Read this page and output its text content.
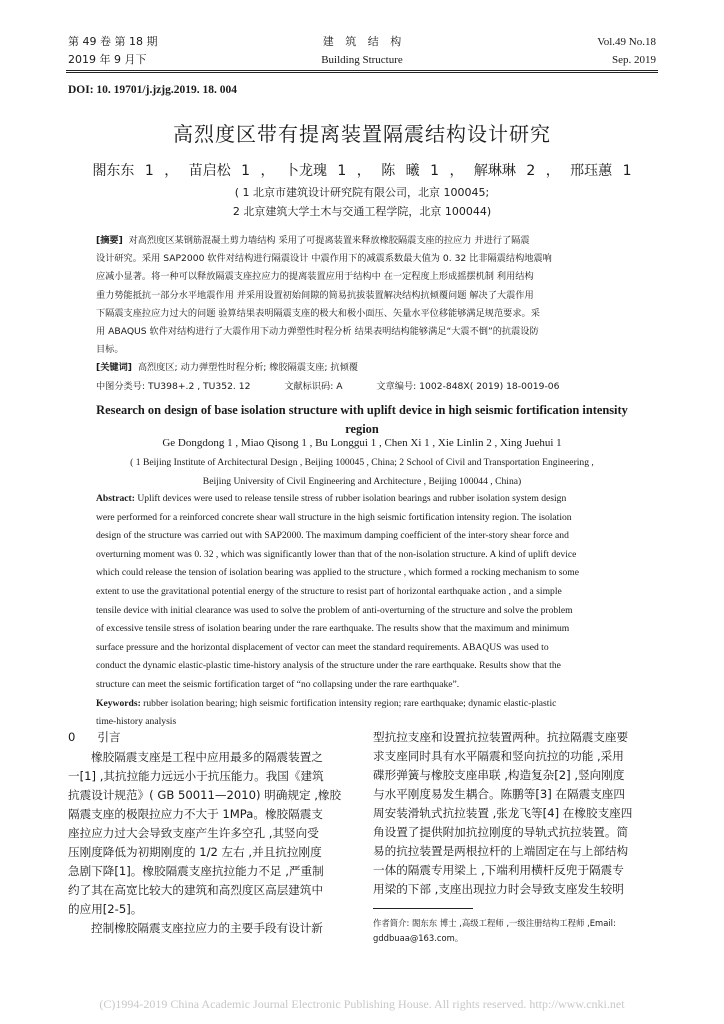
第 49 卷 第 18 期
2019 年 9 月下
建 筑 结 构
Building Structure
Vol.49 No.18
Sep. 2019
DOI: 10. 19701/j.jzjg.2019. 18. 004
高烈度区带有提离装置隔震结构设计研究
閤东东 1 ， 苗启松 1 ， 卜龙瑰 1 ， 陈 曦 1 ， 解琳琳 2 ， 邢珏蕙 1
( 1 北京市建筑设计研究院有限公司，北京 100045;
2 北京建筑大学土木与交通工程学院，北京 100044)
[摘要] 对高烈度区某钢筋混凝土剪力墙结构 采用了可提离装置来释放橡胶隔震支座的拉应力 并进行了隔震
设计研究。采用 SAP2000 软件对结构进行隔震设计 中震作用下的减震系数最大值为 0. 32 比非隔震结构地震响
应减小显著。将一种可以释放隔震支座拉应力的提离装置应用于结构中 在一定程度上形成摇摆机制 利用结构
重力势能抵抗一部分水平地震作用 并采用设置初始间隙的简易抗拔装置解决结构抗倾覆问题 解决了大震作用
下隔震支座拉应力过大的问题 验算结果表明隔震支座的极大和极小面压、矢量水平位移能够满足规范要求。采
用 ABAQUS 软件对结构进行了大震作用下动力弹塑性时程分析 结果表明结构能够满足“大震不倒”的抗震设防
目标。
[关键词] 高烈度区; 动力弹塑性时程分析; 橡胶隔震支座; 抗倾覆
中图分类号: TU398+.2 , TU352. 12	文献标识码: A	文章编号: 1002-848X( 2019) 18-0019-06
Research on design of base isolation structure with uplift device in high seismic fortification intensity region
Ge Dongdong 1 , Miao Qisong 1 , Bu Longgui 1 , Chen Xi 1 , Xie Linlin 2 , Xing Juehui 1
( 1 Beijing Institute of Architectural Design , Beijing 100045 , China; 2 School of Civil and Transportation Engineering ,
Beijing University of Civil Engineering and Architecture , Beijing 100044 , China)
Abstract: Uplift devices were used to release tensile stress of rubber isolation bearings and rubber isolation system design
were performed for a reinforced concrete shear wall structure in the high seismic fortification intensity region. The isolation
design of the structure was carried out with SAP2000. The maximum damping coefficient of the inter-story shear force and
overturning moment was 0. 32 , which was significantly lower than that of the non-isolation structure. A kind of uplift device
which could release the tension of isolation bearing was applied to the structure , which formed a rocking mechanism to some
extent to use the gravitational potential energy of the structure to resist part of horizontal earthquake action , and a simple
tensile device with initial clearance was used to solve the problem of anti-overturning of the structure and solve the problem
of excessive tensile stress of isolation bearing under the rare earthquake. The results show that the maximum and minimum
surface pressure and the horizontal displacement of vector can meet the standard requirements. ABAQUS was used to
conduct the dynamic elastic-plastic time-history analysis of the structure under the rare earthquake. Results show that the
structure can meet the seismic fortification target of “no collapsing under the rare earthquake”.
Keywords: rubber isolation bearing; high seismic fortification intensity region; rare earthquake; dynamic elastic-plastic
time-history analysis
0 引言
橡胶隔震支座是工程中应用最多的隔震装置之
一[1] ,其抗拉能力远远小于抗压能力。我国《建筑
抗震设计规范》( GB 50011—2010) 明确规定 ,橡胶
隔震支座的极限拉应力不大于 1MPa。橡胶隔震支
座拉应力过大会导致支座产生许多空孔 ,其竖向受
压刚度降低为初期刚度的 1/2 左右 ,并且抗拉刚度
急剧下降[1]。橡胶隔震支座抗拉能力不足 ,严重制
约了其在高宽比较大的建筑和高烈度区高层建筑中
的应用[2-5]。
控制橡胶隔震支座拉应力的主要手段有设计新
型抗拉支座和设置抗拉装置两种。抗拉隔震支座要
求支座同时具有水平隔震和竖向抗拉的功能 ,采用
碟形弹簧与橡胶支座串联 ,构造复杂[2] ,竖向刚度
与水平刚度易发生耦合。陈鹏等[3] 在隔震支座四
周安装滑轨式抗拉装置 ,张龙飞等[4] 在橡胶支座四
角设置了提供附加抗拉刚度的导轨式抗拉装置。简
易的抗拉装置是两根拉杆的上端固定在与上部结构
一体的隔震专用梁上 ,下端利用横杆反兜于隔震专
用梁的下部 ,支座出现拉力时会导致支座发生较明
作者简介: 閤东东 博士 ,高级工程师 ,一级注册结构工程师 ,Email:
gddbuaa@163.com。
(C)1994-2019 China Academic Journal Electronic Publishing House. All rights reserved. http://www.cnki.net
